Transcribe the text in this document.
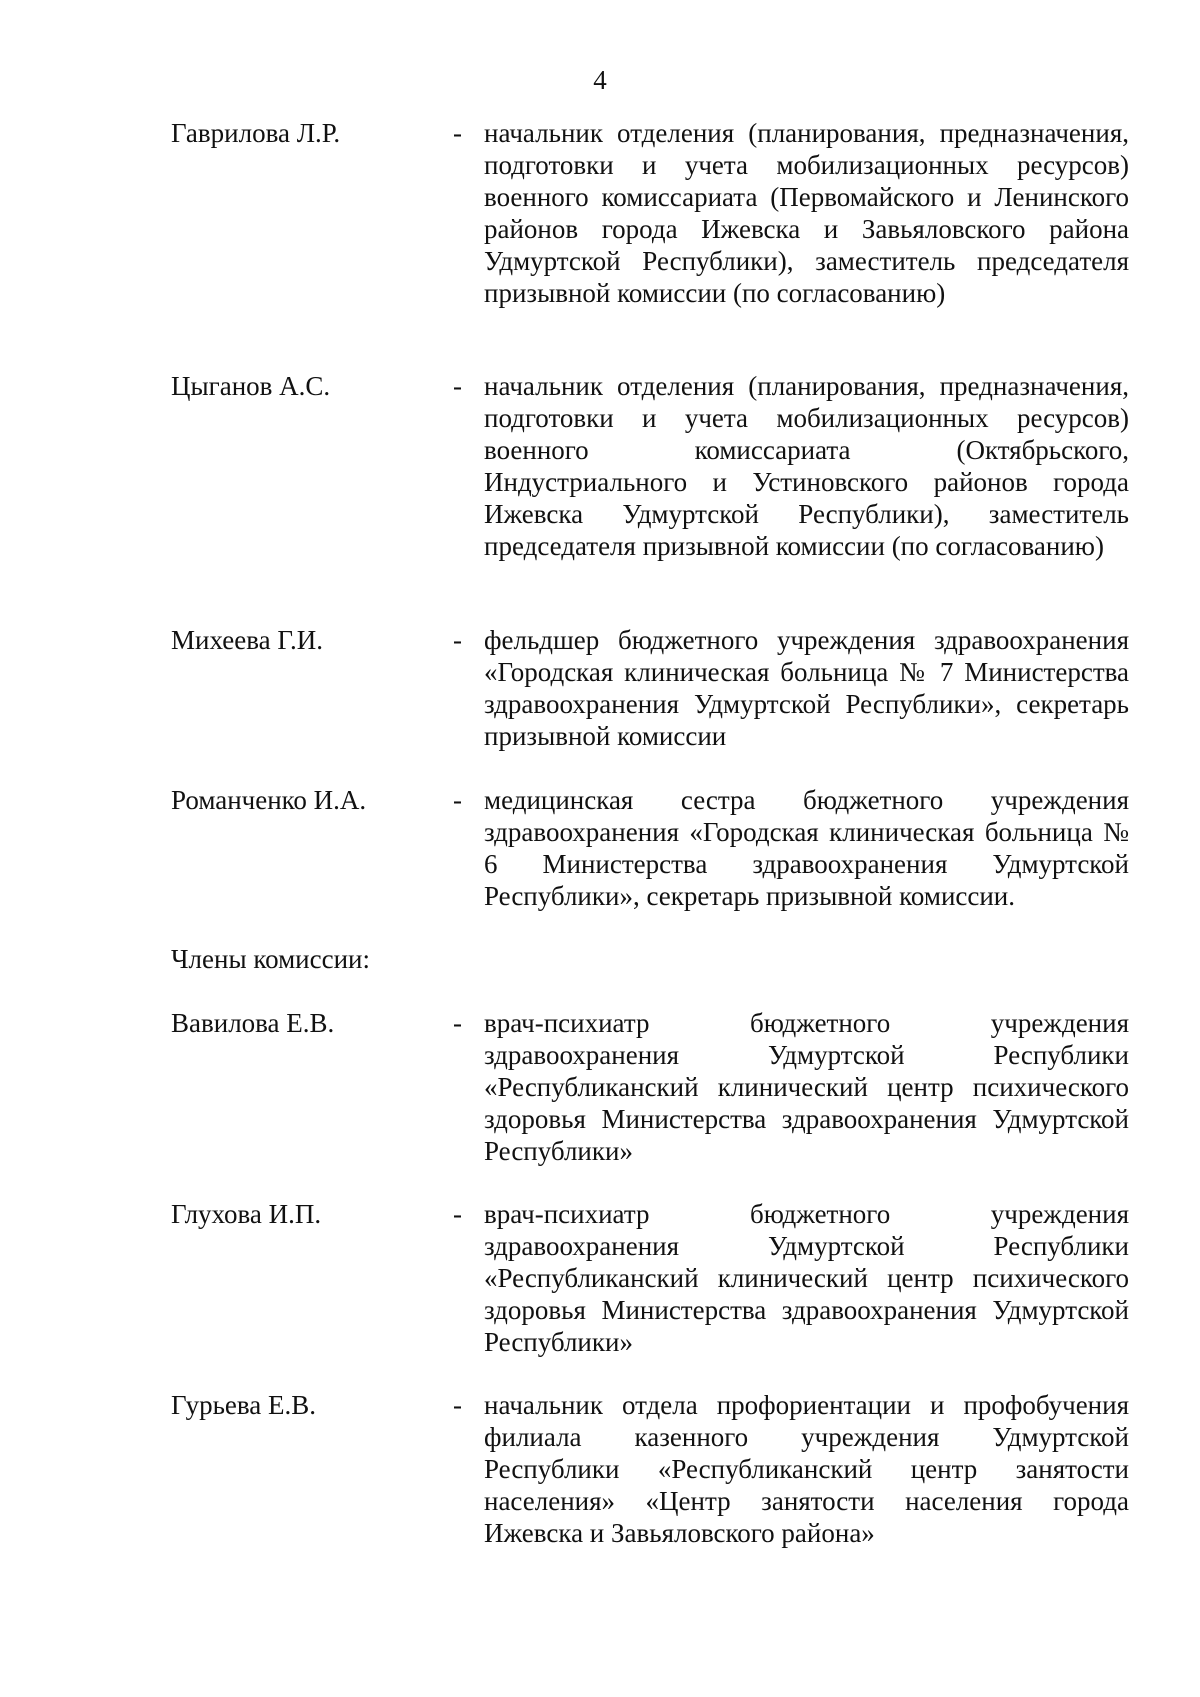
4
Гаврилова Л.Р.	- начальник отделения (планирования, предназначения, подготовки и учета мобилизационных ресурсов) военного комиссариата (Первомайского и Ленинского районов города Ижевска и Завьяловского района Удмуртской Республики), заместитель председателя призывной комиссии (по согласованию)
Цыганов А.С.	- начальник отделения (планирования, предназначения, подготовки и учета мобилизационных ресурсов) военного комиссариата (Октябрьского, Индустриального и Устиновского районов города Ижевска Удмуртской Республики), заместитель председателя призывной комиссии (по согласованию)
Михеева Г.И.	- фельдшер бюджетного учреждения здравоохранения «Городская клиническая больница № 7 Министерства здравоохранения Удмуртской Республики», секретарь призывной комиссии
Романченко И.А.	- медицинская сестра бюджетного учреждения здравоохранения «Городская клиническая больница № 6 Министерства здравоохранения Удмуртской Республики», секретарь призывной комиссии.
Члены комиссии:
Вавилова Е.В.	- врач-психиатр бюджетного учреждения здравоохранения Удмуртской Республики «Республиканский клинический центр психического здоровья Министерства здравоохранения Удмуртской Республики»
Глухова И.П.	- врач-психиатр бюджетного учреждения здравоохранения Удмуртской Республики «Республиканский клинический центр психического здоровья Министерства здравоохранения Удмуртской Республики»
Гурьева Е.В.	- начальник отдела профориентации и профобучения филиала казенного учреждения Удмуртской Республики «Республиканский центр занятости населения» «Центр занятости населения города Ижевска и Завьяловского района»
